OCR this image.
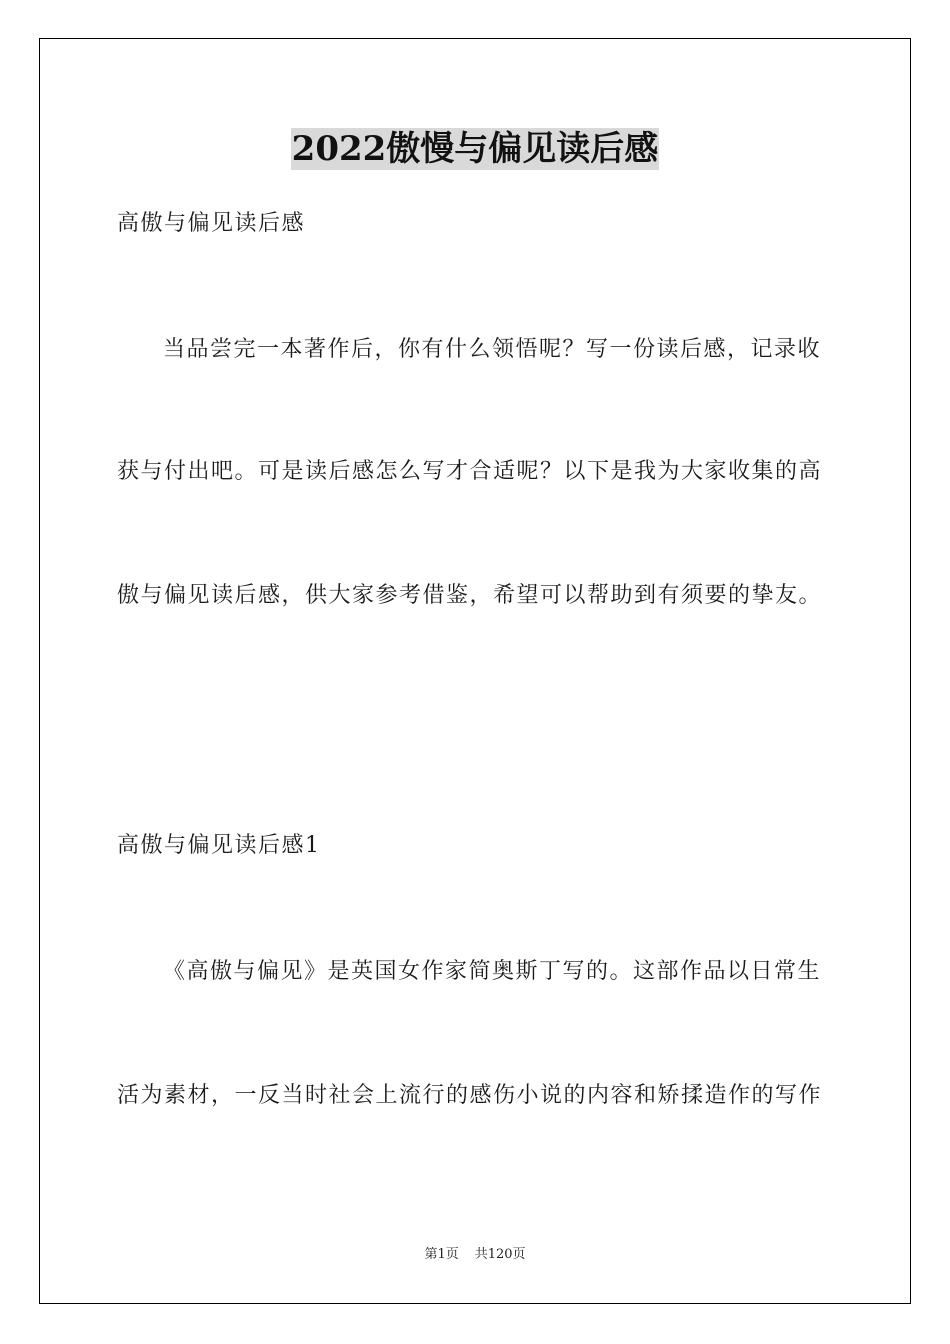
2022傲慢与偏见读后感

高傲与偏见读后感

当品尝完一本著作后，你有什么领悟呢？写一份读后感，记录收

获与付出吧。可是读后感怎么写才合适呢？以下是我为大家收集的高

傲与偏见读后感，供大家参考借鉴，希望可以帮助到有须要的挚友。

高傲与偏见读后感1

《高傲与偏见》是英国女作家简奥斯丁写的。这部作品以日常生

活为素材，一反当时社会上流行的感伤小说的内容和矫揉造作的写作

第1页 共120页
